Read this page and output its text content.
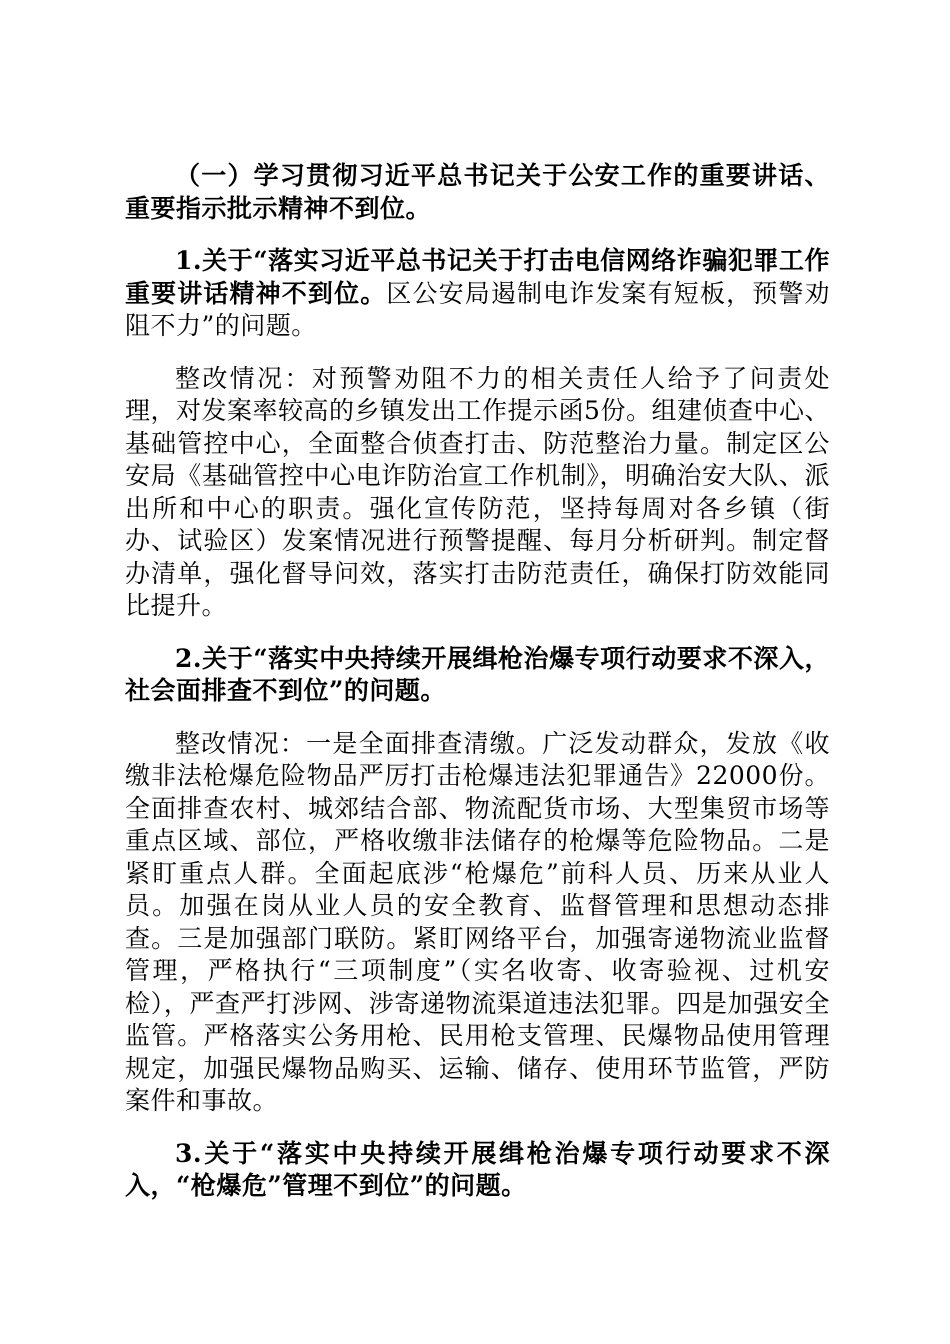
（一）学习贯彻习近平总书记关于公安工作的重要讲话、重要指示批示精神不到位。

1.关于“落实习近平总书记关于打击电信网络诈骗犯罪工作重要讲话精神不到位。区公安局遏制电诈发案有短板，预警劝阻不力”的问题。

整改情况：对预警劝阻不力的相关责任人给予了问责处理，对发案率较高的乡镇发出工作提示函5份。组建侦查中心、基础管控中心，全面整合侦查打击、防范整治力量。制定区公安局《基础管控中心电诈防治宣工作机制》，明确治安大队、派出所和中心的职责。强化宣传防范，坚持每周对各乡镇（街办、试验区）发案情况进行预警提醒、每月分析研判。制定督办清单，强化督导问效，落实打击防范责任，确保打防效能同比提升。

2.关于“落实中央持续开展缉枪治爆专项行动要求不深入，社会面排查不到位”的问题。

整改情况：一是全面排查清缴。广泛发动群众，发放《收缴非法枪爆危险物品严厉打击枪爆违法犯罪通告》22000份。全面排查农村、城郊结合部、物流配货市场、大型集贸市场等重点区域、部位，严格收缴非法储存的枪爆等危险物品。二是紧盯重点人群。全面起底涉“枪爆危”前科人员、历来从业人员。加强在岗从业人员的安全教育、监督管理和思想动态排查。三是加强部门联防。紧盯网络平台，加强寄递物流业监督管理，严格执行“三项制度”（实名收寄、收寄验视、过机安检），严查严打涉网、涉寄递物流渠道违法犯罪。四是加强安全监管。严格落实公务用枪、民用枪支管理、民爆物品使用管理规定，加强民爆物品购买、运输、储存、使用环节监管，严防案件和事故。

3.关于“落实中央持续开展缉枪治爆专项行动要求不深入，“枪爆危”管理不到位”的问题。
